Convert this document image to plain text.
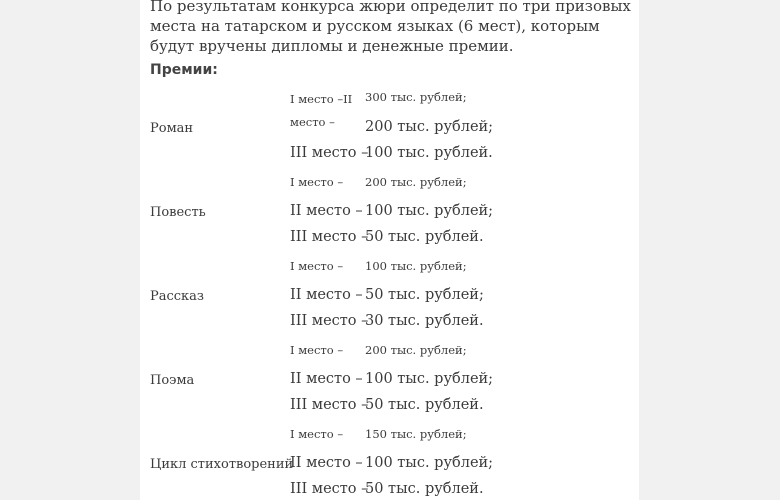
По результатам конкурса жюри определит по три призовых места на татарском и русском языках (6 мест), которым будут вручены дипломы и денежные премии.

Премии:
Роман
I место –II 300 тыс. рублей;
место – 200 тыс. рублей;
III место –
100 тыс. рублей.
Повесть
I место – 200 тыс. рублей;
II место – 100 тыс. рублей;
III место –
50 тыс. рублей.
Рассказ
I место – 100 тыс. рублей;
II место – 50 тыс. рублей;
III место –
30 тыс. рублей.
Поэма
I место – 200 тыс. рублей;
II место – 100 тыс. рублей;
III место –
50 тыс. рублей.
Цикл стихотворений
I место – 150 тыс. рублей;
II место – 100 тыс. рублей;
III место –
50 тыс. рублей.
